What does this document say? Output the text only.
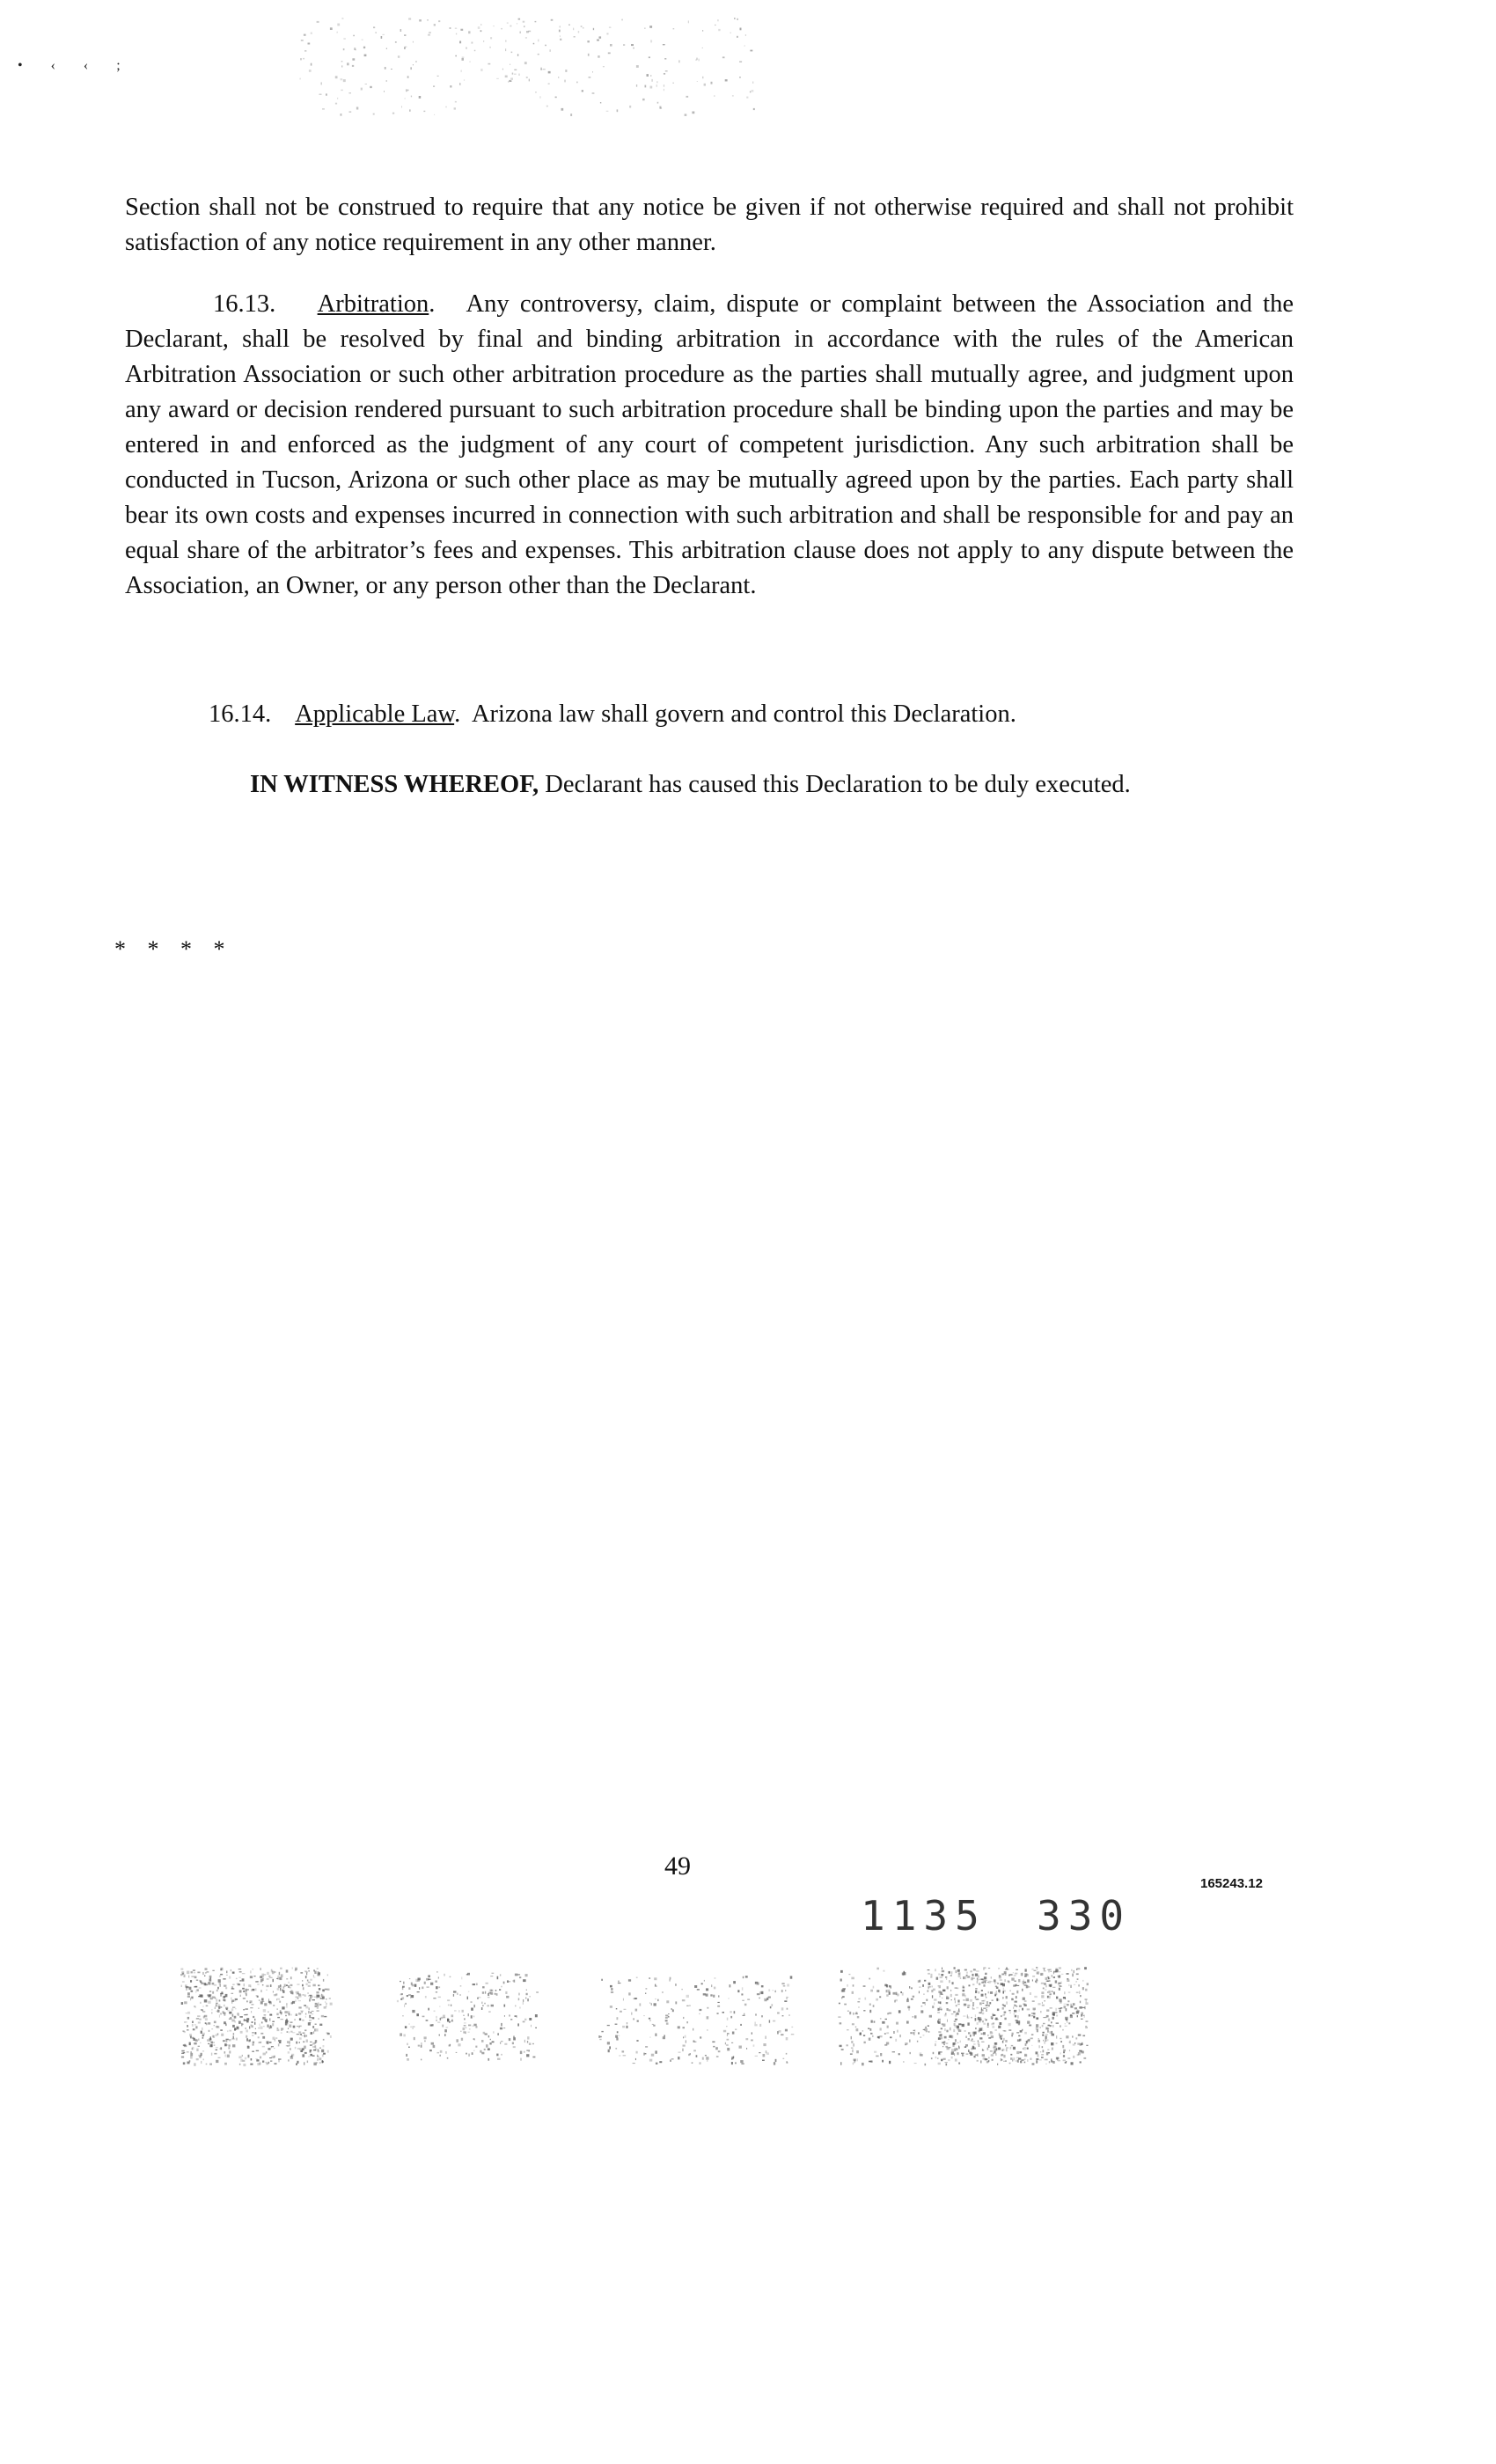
• ‹ ‹ ;
Section shall not be construed to require that any notice be given if not otherwise required and shall not prohibit satisfaction of any notice requirement in any other manner.
16.13. Arbitration.   Any controversy, claim, dispute or complaint between the Association and the Declarant, shall be resolved by final and binding arbitration in accordance with the rules of the American Arbitration Association or such other arbitration procedure as the parties shall mutually agree, and judgment upon any award or decision rendered pursuant to such arbitration procedure shall be binding upon the parties and may be entered in and enforced as the judgment of any court of competent jurisdiction. Any such arbitration shall be conducted in Tucson, Arizona or such other place as may be mutually agreed upon by the parties. Each party shall bear its own costs and expenses incurred in connection with such arbitration and shall be responsible for and pay an equal share of the arbitrator’s fees and expenses. This arbitration clause does not apply to any dispute between the Association, an Owner, or any person other than the Declarant.
16.14. Applicable Law.  Arizona law shall govern and control this Declaration.
IN WITNESS WHEREOF, Declarant has caused this Declaration to be duly executed.
* * * *
49
165243.12
1135 330
